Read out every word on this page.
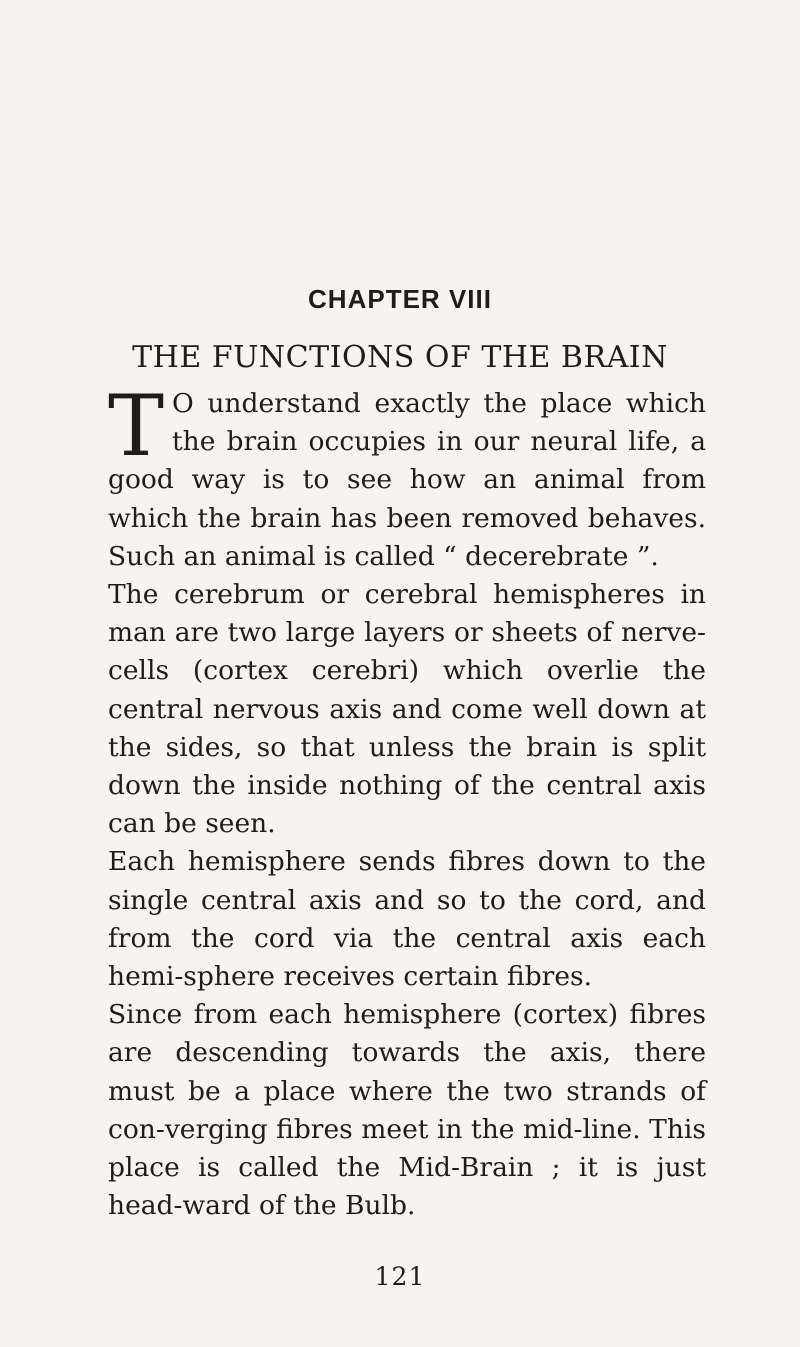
CHAPTER VIII
THE FUNCTIONS OF THE BRAIN

T O understand exactly the place which the brain occupies in our neural life, a good way is to see how an animal from which the brain has been removed behaves. Such an animal is called “ decerebrate ”.

The cerebrum or cerebral hemispheres in man are two large layers or sheets of nerve-cells (cortex cerebri) which overlie the central nervous axis and come well down at the sides, so that unless the brain is split down the inside nothing of the central axis can be seen.

Each hemisphere sends fibres down to the single central axis and so to the cord, and from the cord via the central axis each hemi-sphere receives certain fibres.

Since from each hemisphere (cortex) fibres are descending towards the axis, there must be a place where the two strands of con-verging fibres meet in the mid-line. This place is called the Mid-Brain ; it is just head-ward of the Bulb.

121
